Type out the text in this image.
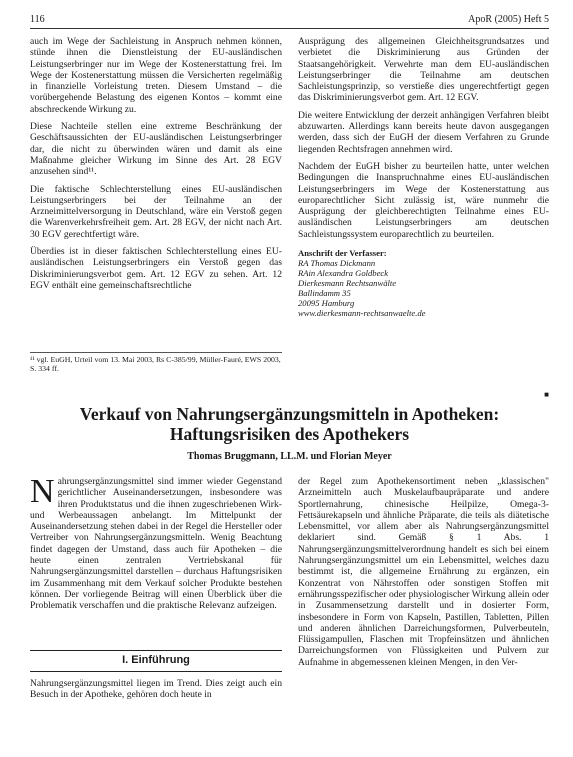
116	ApoR (2005) Heft 5

auch im Wege der Sachleistung in Anspruch nehmen können, stünde ihnen die Dienstleistung der EU-ausländischen Leistungserbringer nur im Wege der Kostenerstattung frei. Im Wege der Kostenerstattung müssen die Versicherten regelmäßig in finanzielle Vorleistung treten. Diesem Umstand – die vorübergehende Belastung des eigenen Kontos – kommt eine abschreckende Wirkung zu.

Diese Nachteile stellen eine extreme Beschränkung der Geschäftsaussichten der EU-ausländischen Leistungserbringer dar, die nicht zu überwinden wären und damit als eine Maßnahme gleicher Wirkung im Sinne des Art. 28 EGV anzusehen sind¹¹.

Die faktische Schlechterstellung eines EU-ausländischen Leistungserbringers bei der Teilnahme an der Arzneimittelversorgung in Deutschland, wäre ein Verstoß gegen die Warenverkehrsfreiheit gem. Art. 28 EGV, der nicht nach Art. 30 EGV gerechtfertigt wäre.

Überdies ist in dieser faktischen Schlechterstellung eines EU-ausländischen Leistungserbringers ein Verstoß gegen das Diskriminierungsverbot gem. Art. 12 EGV zu sehen. Art. 12 EGV enthält eine gemeinschaftsrechtliche

¹¹ vgl. EuGH, Urteil vom 13. Mai 2003, Rs C-385/99, Müller-Fauré, EWS 2003, S. 334 ff.

Ausprägung des allgemeinen Gleichheitsgrundsatzes und verbietet die Diskriminierung aus Gründen der Staatsangehörigkeit. Verwehrte man dem EU-ausländischen Leistungserbringer die Teilnahme am deutschen Sachleistungsprinzip, so verstieße dies ungerechtfertigt gegen das Diskriminierungsverbot gem. Art. 12 EGV.

Die weitere Entwicklung der derzeit anhängigen Verfahren bleibt abzuwarten. Allerdings kann bereits heute davon ausgegangen werden, dass sich der EuGH der diesem Verfahren zu Grunde liegenden Rechtsfragen annehmen wird.

Nachdem der EuGH bisher zu beurteilen hatte, unter welchen Bedingungen die Inanspruchnahme eines EU-ausländischen Leistungserbringers im Wege der Kostenerstattung aus europarechtlicher Sicht zulässig ist, wäre nunmehr die Ausprägung der gleichberechtigten Teilnahme eines EU-ausländischen Leistungserbringers am deutschen Sachleistungssystem europarechtlich zu beurteilen.

Anschrift der Verfasser:
RA Thomas Dickmann
RAin Alexandra Goldbeck
Dierkesmann Rechtsanwälte
Ballindamm 35
20095 Hamburg
www.dierkesmann-rechtsanwaelte.de
■
Verkauf von Nahrungsergänzungsmitteln in Apotheken:
Haftungsrisiken des Apothekers
Thomas Bruggmann, LL.M. und Florian Meyer

Nahrungsergänzungsmittel sind immer wieder Gegenstand gerichtlicher Auseinandersetzungen, insbesondere was ihren Produktstatus und die ihnen zugeschriebenen Wirk- und Werbeaussagen anbelangt. Im Mittelpunkt der Auseinandersetzung stehen dabei in der Regel die Hersteller oder Vertreiber von Nahrungsergänzungsmitteln. Wenig Beachtung findet dagegen der Umstand, dass auch für Apotheken – die heute einen zentralen Vertriebskanal für Nahrungsergänzungsmittel darstellen – durchaus Haftungsrisiken im Zusammenhang mit dem Verkauf solcher Produkte bestehen können. Der vorliegende Beitrag will einen Überblick über die Problematik verschaffen und die praktische Relevanz aufzeigen.

I. Einführung

Nahrungsergänzungsmittel liegen im Trend. Dies zeigt auch ein Besuch in der Apotheke, gehören doch heute in

der Regel zum Apothekensortiment neben „klassischen" Arzneimitteln auch Muskelaufbaupräparate und andere Sportlernahrung, chinesische Heilpilze, Omega-3-Fettsäurekapseln und ähnliche Präparate, die teils als diätetische Lebensmittel, vor allem aber als Nahrungsergänzungsmittel deklariert sind. Gemäß § 1 Abs. 1 Nahrungsergänzungsmittelverordnung handelt es sich bei einem Nahrungsergänzungsmittel um ein Lebensmittel, welches dazu bestimmt ist, die allgemeine Ernährung zu ergänzen, ein Konzentrat von Nährstoffen oder sonstigen Stoffen mit ernährungsspezifischer oder physiologischer Wirkung allein oder in Zusammensetzung darstellt und in dosierter Form, insbesondere in Form von Kapseln, Pastillen, Tabletten, Pillen und anderen ähnlichen Darreichungsformen, Pulverbeuteln, Flüssigampullen, Flaschen mit Tropfeinsätzen und ähnlichen Darreichungsformen von Flüssigkeiten und Pulvern zur Aufnahme in abgemessenen kleinen Mengen, in den Ver-
